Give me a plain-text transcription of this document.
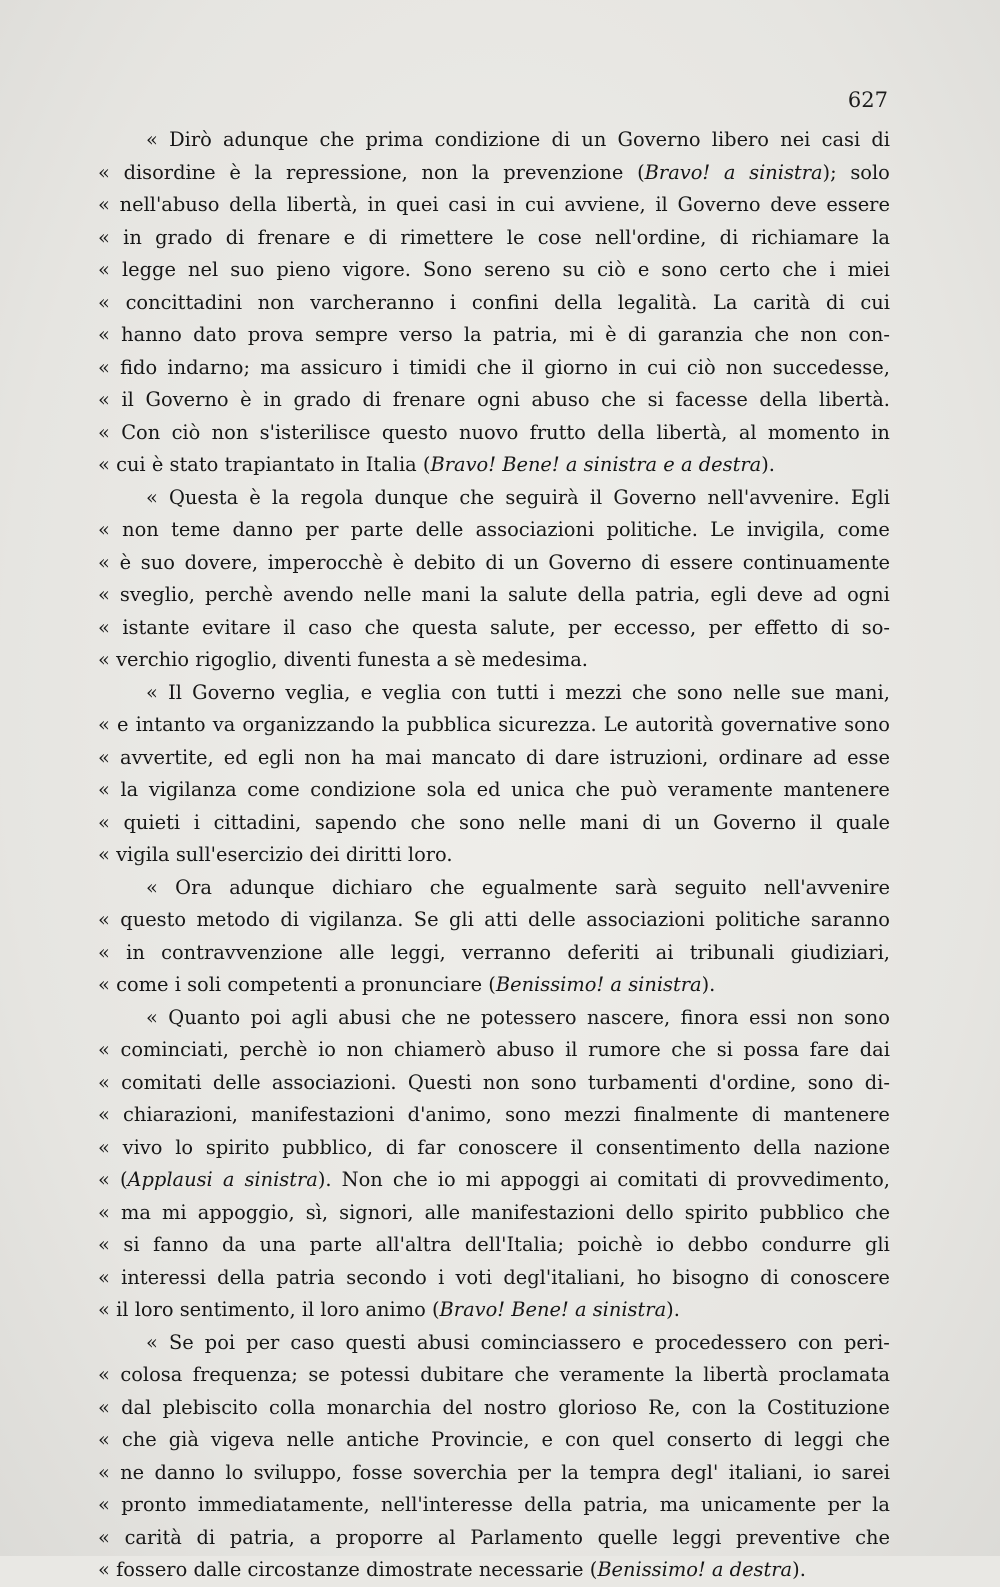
627
« Dirò adunque che prima condizione di un Governo libero nei casi di
« disordine è la repressione, non la prevenzione (Bravo! a sinistra); solo
« nell'abuso della libertà, in quei casi in cui avviene, il Governo deve essere
« in grado di frenare e di rimettere le cose nell'ordine, di richiamare la
« legge nel suo pieno vigore. Sono sereno su ciò e sono certo che i miei
« concittadini non varcheranno i confini della legalità. La carità di cui
« hanno dato prova sempre verso la patria, mi è di garanzia che non con-
« fido indarno; ma assicuro i timidi che il giorno in cui ciò non succedesse,
« il Governo è in grado di frenare ogni abuso che si facesse della libertà.
« Con ciò non s'isterilisce questo nuovo frutto della libertà, al momento in
« cui è stato trapiantato in Italia (Bravo! Bene! a sinistra e a destra).
« Questa è la regola dunque che seguirà il Governo nell'avvenire. Egli
« non teme danno per parte delle associazioni politiche. Le invigila, come
« è suo dovere, imperocchè è debito di un Governo di essere continuamente
« sveglio, perchè avendo nelle mani la salute della patria, egli deve ad ogni
« istante evitare il caso che questa salute, per eccesso, per effetto di so-
« verchio rigoglio, diventi funesta a sè medesima.
« Il Governo veglia, e veglia con tutti i mezzi che sono nelle sue mani,
« e intanto va organizzando la pubblica sicurezza. Le autorità governative sono
« avvertite, ed egli non ha mai mancato di dare istruzioni, ordinare ad esse
« la vigilanza come condizione sola ed unica che può veramente mantenere
« quieti i cittadini, sapendo che sono nelle mani di un Governo il quale
« vigila sull'esercizio dei diritti loro.
« Ora adunque dichiaro che egualmente sarà seguito nell'avvenire
« questo metodo di vigilanza. Se gli atti delle associazioni politiche saranno
« in contravvenzione alle leggi, verranno deferiti ai tribunali giudiziari,
« come i soli competenti a pronunciare (Benissimo! a sinistra).
« Quanto poi agli abusi che ne potessero nascere, finora essi non sono
« cominciati, perchè io non chiamerò abuso il rumore che si possa fare dai
« comitati delle associazioni. Questi non sono turbamenti d'ordine, sono di-
« chiarazioni, manifestazioni d'animo, sono mezzi finalmente di mantenere
« vivo lo spirito pubblico, di far conoscere il consentimento della nazione
« (Applausi a sinistra). Non che io mi appoggi ai comitati di provvedimento,
« ma mi appoggio, sì, signori, alle manifestazioni dello spirito pubblico che
« si fanno da una parte all'altra dell'Italia; poichè io debbo condurre gli
« interessi della patria secondo i voti degl'italiani, ho bisogno di conoscere
« il loro sentimento, il loro animo (Bravo! Bene! a sinistra).
« Se poi per caso questi abusi cominciassero e procedessero con peri-
« colosa frequenza; se potessi dubitare che veramente la libertà proclamata
« dal plebiscito colla monarchia del nostro glorioso Re, con la Costituzione
« che già vigeva nelle antiche Provincie, e con quel conserto di leggi che
« ne danno lo sviluppo, fosse soverchia per la tempra degl' italiani, io sarei
« pronto immediatamente, nell'interesse della patria, ma unicamente per la
« carità di patria, a proporre al Parlamento quelle leggi preventive che
« fossero dalle circostanze dimostrate necessarie (Benissimo! a destra).
